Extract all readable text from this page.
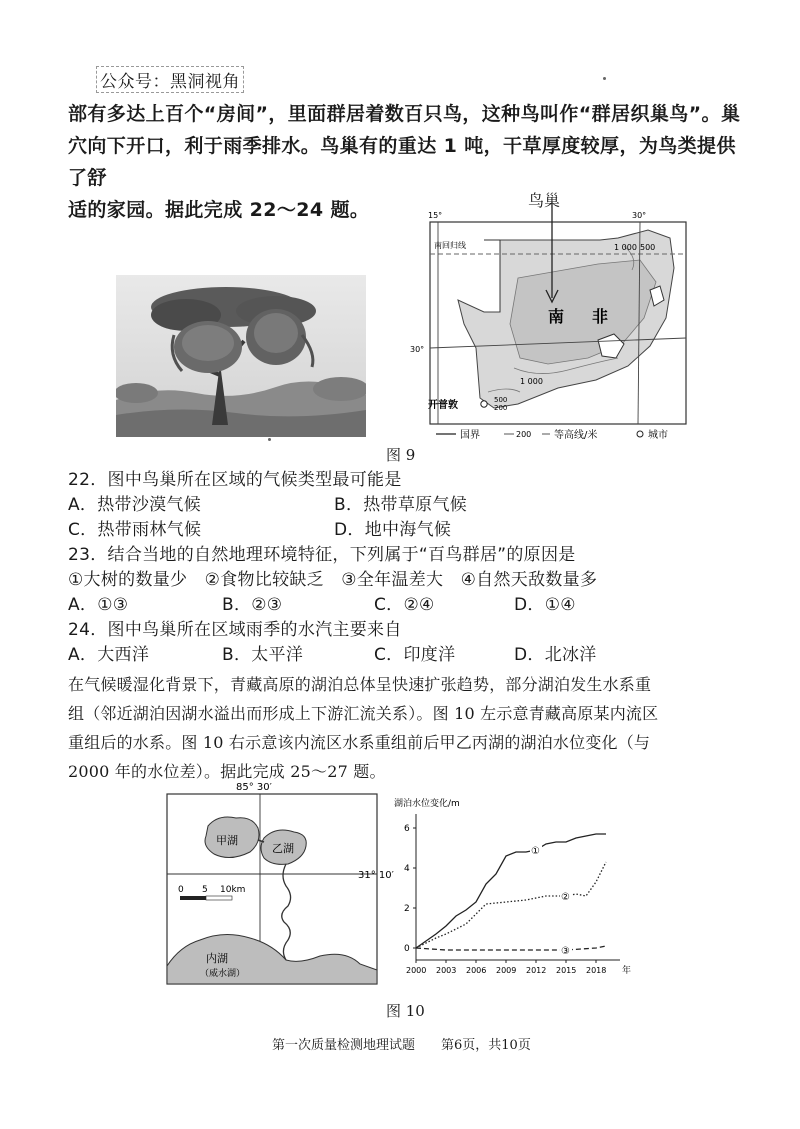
公众号：黑洞视角
部有多达上百个“房间”，里面群居着数百只鸟，这种鸟叫作“群居织巢鸟”。巢
穴向下开口，利于雨季排水。鸟巢有的重达 1 吨，干草厚度较厚，为鸟类提供了舒
适的家园。据此完成 22～24 题。	鸟巢
15°	30°
南回归线
30°
南 非
1 000 500
1 000
500
200
开普敦
国界	200 等高线/米	城市
图 9
22．图中鸟巢所在区域的气候类型最可能是
A．热带沙漠气候	B．热带草原气候
C．热带雨林气候	D．地中海气候
23．结合当地的自然地理环境特征，下列属于“百鸟群居”的原因是
①大树的数量少　②食物比较缺乏　③全年温差大　④自然天敌数量多
A．①③	B．②③	C．②④	D．①④
24．图中鸟巢所在区域雨季的水汽主要来自
A．大西洋	B．太平洋	C．印度洋	D．北冰洋
在气候暖湿化背景下，青藏高原的湖泊总体呈快速扩张趋势，部分湖泊发生水系重
组（邻近湖泊因湖水溢出而形成上下游汇流关系）。图 10 左示意青藏高原某内流区
重组后的水系。图 10 右示意该内流区水系重组前后甲乙丙湖的湖泊水位变化（与
2000 年的水位差）。据此完成 25～27 题。
0 5 10km
85° 30′
31° 10′
甲湖
乙湖
内湖
（威水湖）
湖泊水位变化/m
0
2
4
6
2000 2003 2006 2009 2012 2015 2018 年
①
②
③
图 10
第一次质量检测地理试题　　第6页，共10页
